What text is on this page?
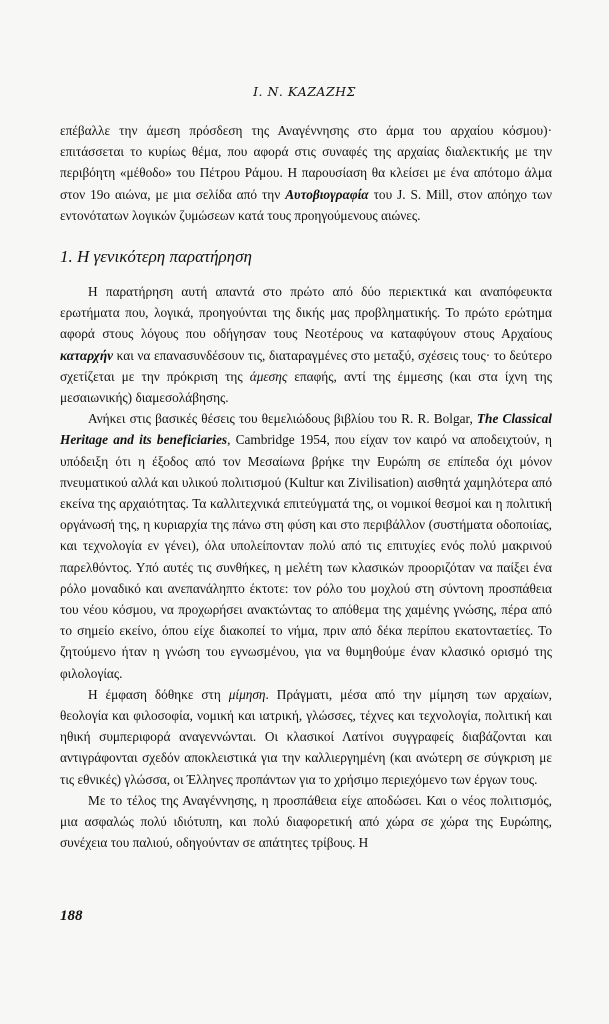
Ι. Ν. ΚΑΖΑΖΗΣ

επέβαλλε την άμεση πρόσδεση της Αναγέννησης στο άρμα του αρχαίου κόσμου)· επιτάσσεται το κυρίως θέμα, που αφορά στις συναφές της αρχαίας διαλεκτικής με την περιβόητη «μέθοδο» του Πέτρου Ράμου. Η παρουσίαση θα κλείσει με ένα απότομο άλμα στον 19ο αιώνα, με μια σελίδα από την Αυτοβιογραφία του J. S. Mill, στον απόηχο των εντονότατων λογικών ζυμώσεων κατά τους προηγούμενους αιώνες.

1. Η γενικότερη παρατήρηση

Η παρατήρηση αυτή απαντά στο πρώτο από δύο περιεκτικά και αναπόφευκτα ερωτήματα που, λογικά, προηγούνται της δικής μας προβληματικής. Το πρώτο ερώτημα αφορά στους λόγους που οδήγησαν τους Νεοτέρους να καταφύγουν στους Αρχαίους καταρχήν και να επανασυνδέσουν τις, διαταραγμένες στο μεταξύ, σχέσεις τους· το δεύτερο σχετίζεται με την πρόκριση της άμεσης επαφής, αντί της έμμεσης (και στα ίχνη της μεσαιωνικής) διαμεσολάβησης.

Ανήκει στις βασικές θέσεις του θεμελιώδους βιβλίου του R. R. Bolgar, The Classical Heritage and its beneficiaries, Cambridge 1954, που είχαν τον καιρό να αποδειχτούν, η υπόδειξη ότι η έξοδος από τον Μεσαίωνα βρήκε την Ευρώπη σε επίπεδα όχι μόνον πνευματικού αλλά και υλικού πολιτισμού (Kultur και Zivilisation) αισθητά χαμηλότερα από εκείνα της αρχαιότητας. Τα καλλιτεχνικά επιτεύγματά της, οι νομικοί θεσμοί και η πολιτική οργάνωσή της, η κυριαρχία της πάνω στη φύση και στο περιβάλλον (συστήματα οδοποιίας, και τεχνολογία εν γένει), όλα υπολείπονταν πολύ από τις επιτυχίες ενός πολύ μακρινού παρελθόντος. Υπό αυτές τις συνθήκες, η μελέτη των κλασικών προοριζόταν να παίξει ένα ρόλο μοναδικό και ανεπανάληπτο έκτοτε: τον ρόλο του μοχλού στη σύντονη προσπάθεια του νέου κόσμου, να προχωρήσει ανακτώντας το απόθεμα της χαμένης γνώσης, πέρα από το σημείο εκείνο, όπου είχε διακοπεί το νήμα, πριν από δέκα περίπου εκατονταετίες. Το ζητούμενο ήταν η γνώση του εγνωσμένου, για να θυμηθούμε έναν κλασικό ορισμό της φιλολογίας.

Η έμφαση δόθηκε στη μίμηση. Πράγματι, μέσα από την μίμηση των αρχαίων, θεολογία και φιλοσοφία, νομική και ιατρική, γλώσσες, τέχνες και τεχνολογία, πολιτική και ηθική συμπεριφορά αναγεννώνται. Οι κλασικοί Λατίνοι συγγραφείς διαβάζονται και αντιγράφονται σχεδόν αποκλειστικά για την καλλιεργημένη (και ανώτερη σε σύγκριση με τις εθνικές) γλώσσα, οι Έλληνες προπάντων για το χρήσιμο περιεχόμενο των έργων τους.

Με το τέλος της Αναγέννησης, η προσπάθεια είχε αποδώσει. Και ο νέος πολιτισμός, μια ασφαλώς πολύ ιδιότυπη, και πολύ διαφορετική από χώρα σε χώρα της Ευρώπης, συνέχεια του παλιού, οδηγούνταν σε απάτητες τρίβους. Η

188
